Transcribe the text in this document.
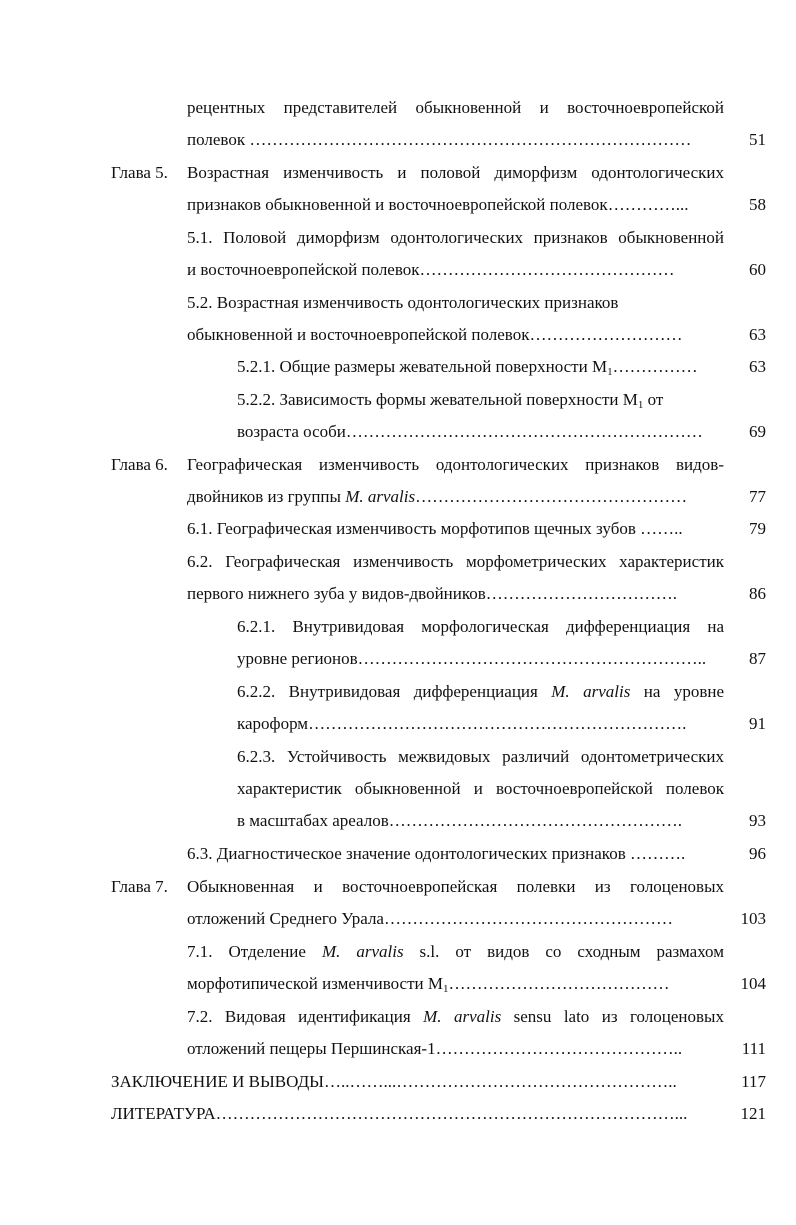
рецентных представителей обыкновенной и восточноевропейской
полевок ……………………………………………………………………	51
Глава 5. Возрастная изменчивость и половой диморфизм одонтологических
признаков обыкновенной и восточноевропейской полевок…………...	58
5.1. Половой диморфизм одонтологических признаков обыкновенной
и восточноевропейской полевок………………………………………	60
5.2. Возрастная изменчивость одонтологических признаков
обыкновенной и восточноевропейской полевок………………………	63
5.2.1. Общие размеры жевательной поверхности $M_1\dots\dots\dots\dots\dots$	63
5.2.2. Зависимость формы жевательной поверхности $M_1$ от
возраста особи………………………………………………………	69
Глава 6. Географическая изменчивость одонтологических признаков видов-
двойников из группы M. arvalis…………………………………………	77
6.1. Географическая изменчивость морфотипов щечных зубов ……..	79
6.2. Географическая изменчивость морфометрических характеристик
первого нижнего зуба у видов-двойников…………………………….	86
6.2.1. Внутривидовая морфологическая дифференциация на
уровне регионов……………………………………………………..	87
6.2.2. Внутривидовая дифференциация M. arvalis на уровне
кароформ………………………………………………………….	91
6.2.3. Устойчивость межвидовых различий одонтометрических
характеристик обыкновенной и восточноевропейской полевок
в масштабах ареалов…………………………………………….	93
6.3. Диагностическое значение одонтологических признаков ……….	96
Глава 7. Обыкновенная и восточноевропейская полевки из голоценовых
отложений Среднего Урала……………………………………………	103
7.1. Отделение M. arvalis s.l. от видов со сходным размахом
морфотипической изменчивости $M_1\dots\dots\dots\dots\dots\dots\dots\dots\dots\dots\dots\dots\dots$	104
7.2. Видовая идентификация M. arvalis sensu lato из голоценовых
отложений пещеры Першинская-1……………………………………..	111
ЗАКЛЮЧЕНИЕ И ВЫВОДЫ…..……...…………………………………………..	117
ЛИТЕРАТУРА………………………………………………………………………...	121
